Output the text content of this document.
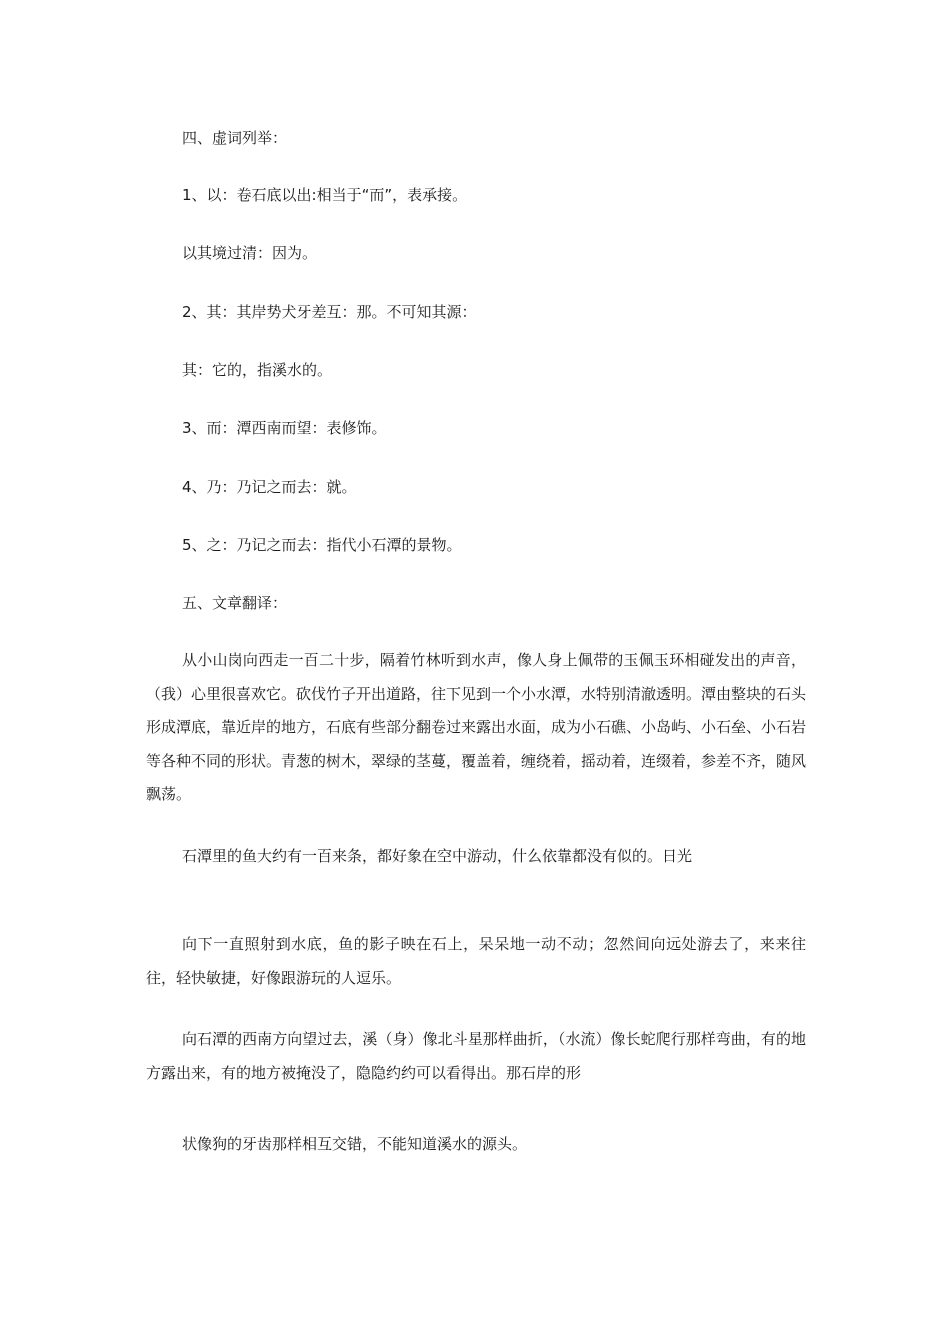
四、虚词列举：

1、以：卷石底以出:相当于“而”，表承接。

以其境过清：因为。

2、其：其岸势犬牙差互：那。不可知其源：

其：它的，指溪水的。

3、而：潭西南而望：表修饰。

4、乃：乃记之而去：就。

5、之：乃记之而去：指代小石潭的景物。

五、文章翻译：

从小山岗向西走一百二十步，隔着竹林听到水声，像人身上佩带的玉佩玉环相碰发出的声音，（我）心里很喜欢它。砍伐竹子开出道路，往下见到一个小水潭，水特别清澈透明。潭由整块的石头形成潭底，靠近岸的地方，石底有些部分翻卷过来露出水面，成为小石礁、小岛屿、小石垒、小石岩等各种不同的形状。青葱的树木，翠绿的茎蔓，覆盖着，缠绕着，摇动着，连缀着，参差不齐，随风飘荡。

石潭里的鱼大约有一百来条，都好象在空中游动，什么依靠都没有似的。日光

向下一直照射到水底，鱼的影子映在石上，呆呆地一动不动；忽然间向远处游去了，来来往往，轻快敏捷，好像跟游玩的人逗乐。

向石潭的西南方向望过去，溪（身）像北斗星那样曲折，（水流）像长蛇爬行那样弯曲，有的地方露出来，有的地方被掩没了，隐隐约约可以看得出。那石岸的形

状像狗的牙齿那样相互交错，不能知道溪水的源头。
